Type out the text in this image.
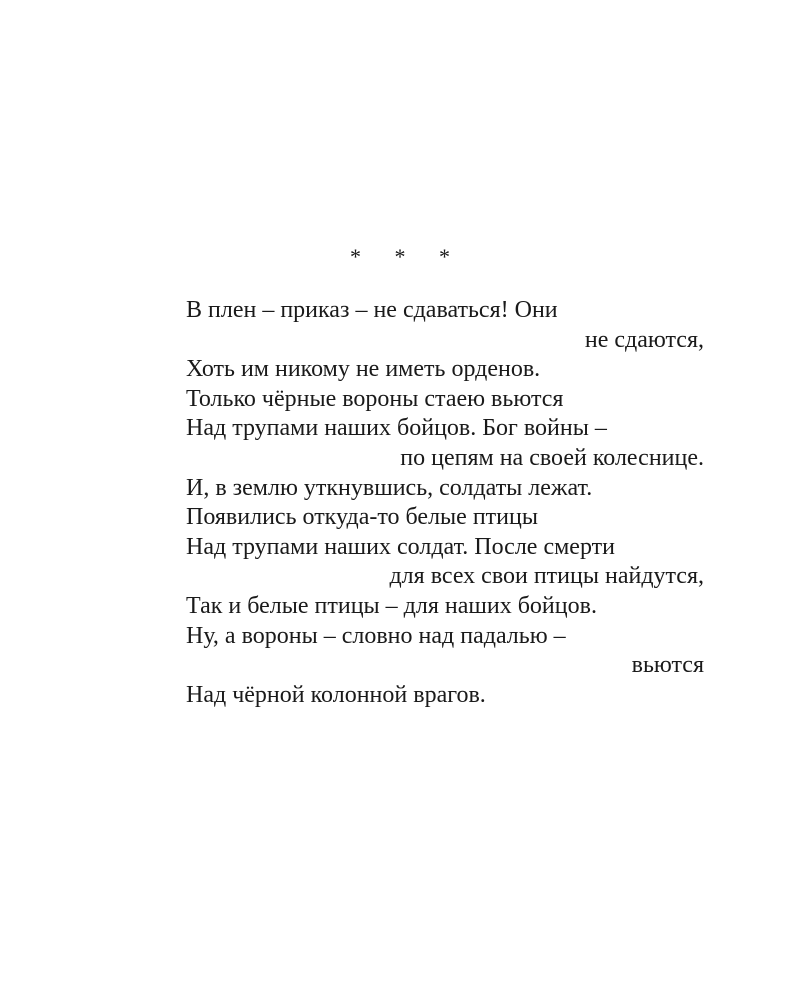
* * *
В плен – приказ – не сдаваться! Они
не сдаются,
Хоть им никому не иметь орденов.
Только чёрные вороны стаею вьются
Над трупами наших бойцов. Бог войны –
по цепям на своей колеснице.
И, в землю уткнувшись, солдаты лежат.
Появились откуда-то белые птицы
Над трупами наших солдат. После смерти
для всех свои птицы найдутся,
Так и белые птицы – для наших бойцов.
Ну, а вороны – словно над падалью –
вьются
Над чёрной колонной врагов.
